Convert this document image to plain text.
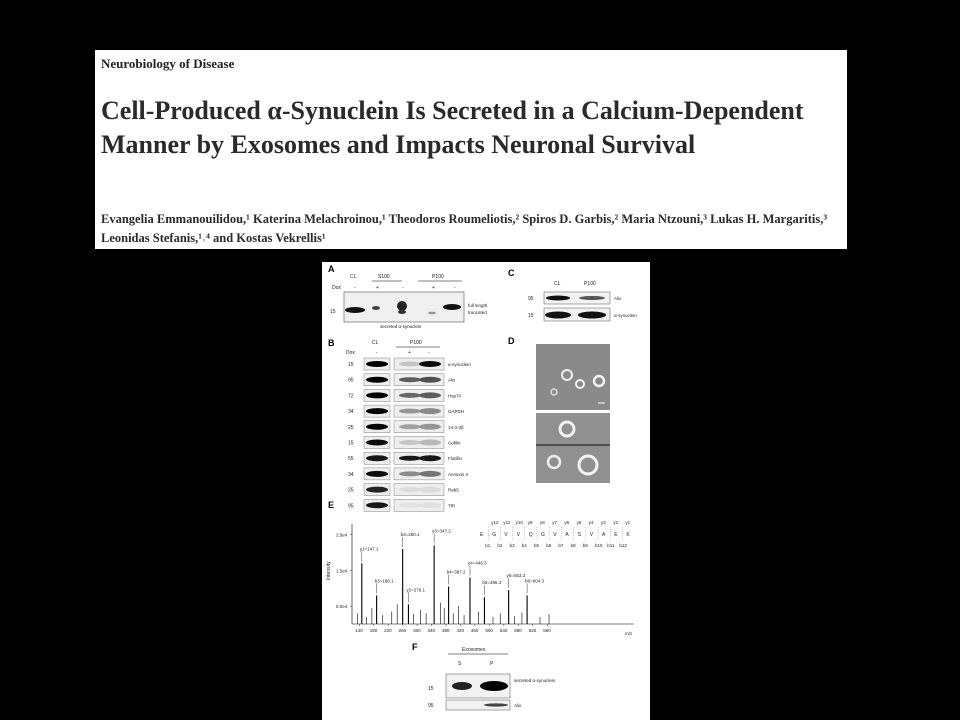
Neurobiology of Disease
Cell-Produced α-Synuclein Is Secreted in a Calcium-Dependent Manner by Exosomes and Impacts Neuronal Survival
Evangelia Emmanouilidou,¹ Katerina Melachroinou,¹ Theodoros Roumeliotis,² Spiros D. Garbis,² Maria Ntzouni,³ Lukas H. Margaritis,³ Leonidas Stefanis,¹˒⁴ and Kostas Vekrellis¹
A
CL	S100	P100
Dox	-	+	-	+	-
15
full length
truncated
secreted α-synuclein
C
CL	P100
95	Alix
15	α-synuclein
B	CL	P100
Dox	-	+	-
15	α-synuclein
95	Alix
72	Hsp70
34	GAPDH
25	14-3-3β
15	Cofilin
55	Flotillin
34	Annexin II
25	Rab5
95	TfR
D
E
Intensity
140 180 220 260 300 340 380 420 460 500 540 580 620 660
5.0e4
1.5e4
2.5e4
y1=147.1
b3=188.1
b3=260.1
y2=276.1
y3=347.2
b4=387.2
y4=446.3
b5=486.3
y5=553.3
b6=604.3
y12 y11 y10 y9 y8 y7 y6 y5 y4 y3 y2 y1
E G V V Q G V A S V A E K
b1 b2 b3 b4 b5 b6 b7 b8 b9 b10 b11 b12
m/z
F	Exosomes
S	P
15
secreted α-synuclein
95	Alix
